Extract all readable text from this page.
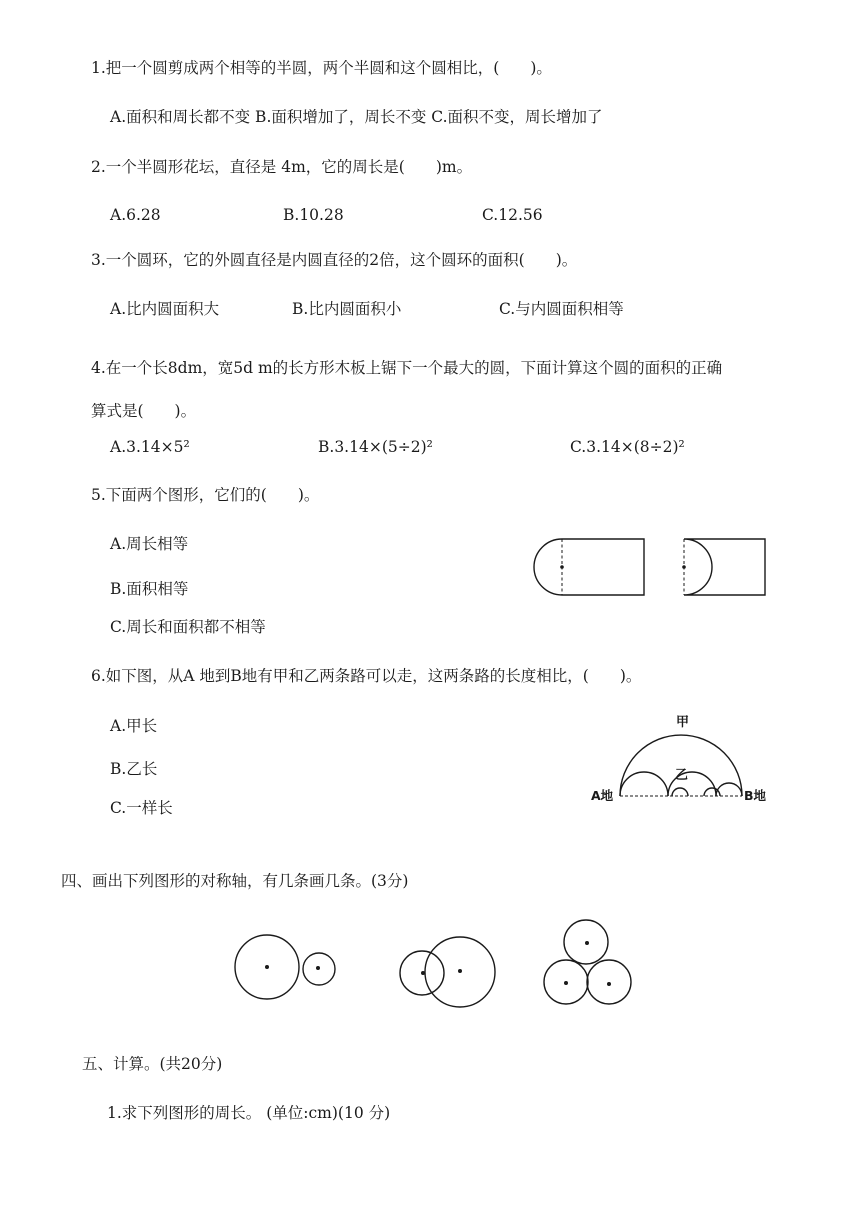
1.把一个圆剪成两个相等的半圆，两个半圆和这个圆相比，(　　)。
A.面积和周长都不变 B.面积增加了，周长不变 C.面积不变，周长增加了
2.一个半圆形花坛，直径是 4m，它的周长是(　　)m。
A.6.28	B.10.28	C.12.56
3.一个圆环，它的外圆直径是内圆直径的2倍，这个圆环的面积(　　)。
A.比内圆面积大	B.比内圆面积小	C.与内圆面积相等
4.在一个长8dm，宽5d m的长方形木板上锯下一个最大的圆，下面计算这个圆的面积的正确
算式是(　　)。
A.3.14×5²	B.3.14×(5÷2)²	C.3.14×(8÷2)²
5.下面两个图形，它们的(　　)。
A.周长相等
B.面积相等
C.周长和面积都不相等
6.如下图，从A 地到B地有甲和乙两条路可以走，这两条路的长度相比，(　　)。
A.甲长
B.乙长
C.一样长
甲
乙
A地	B地
四、画出下列图形的对称轴，有几条画几条。(3分)
五、计算。(共20分)
1.求下列图形的周长。 (单位:cm)(10 分)
